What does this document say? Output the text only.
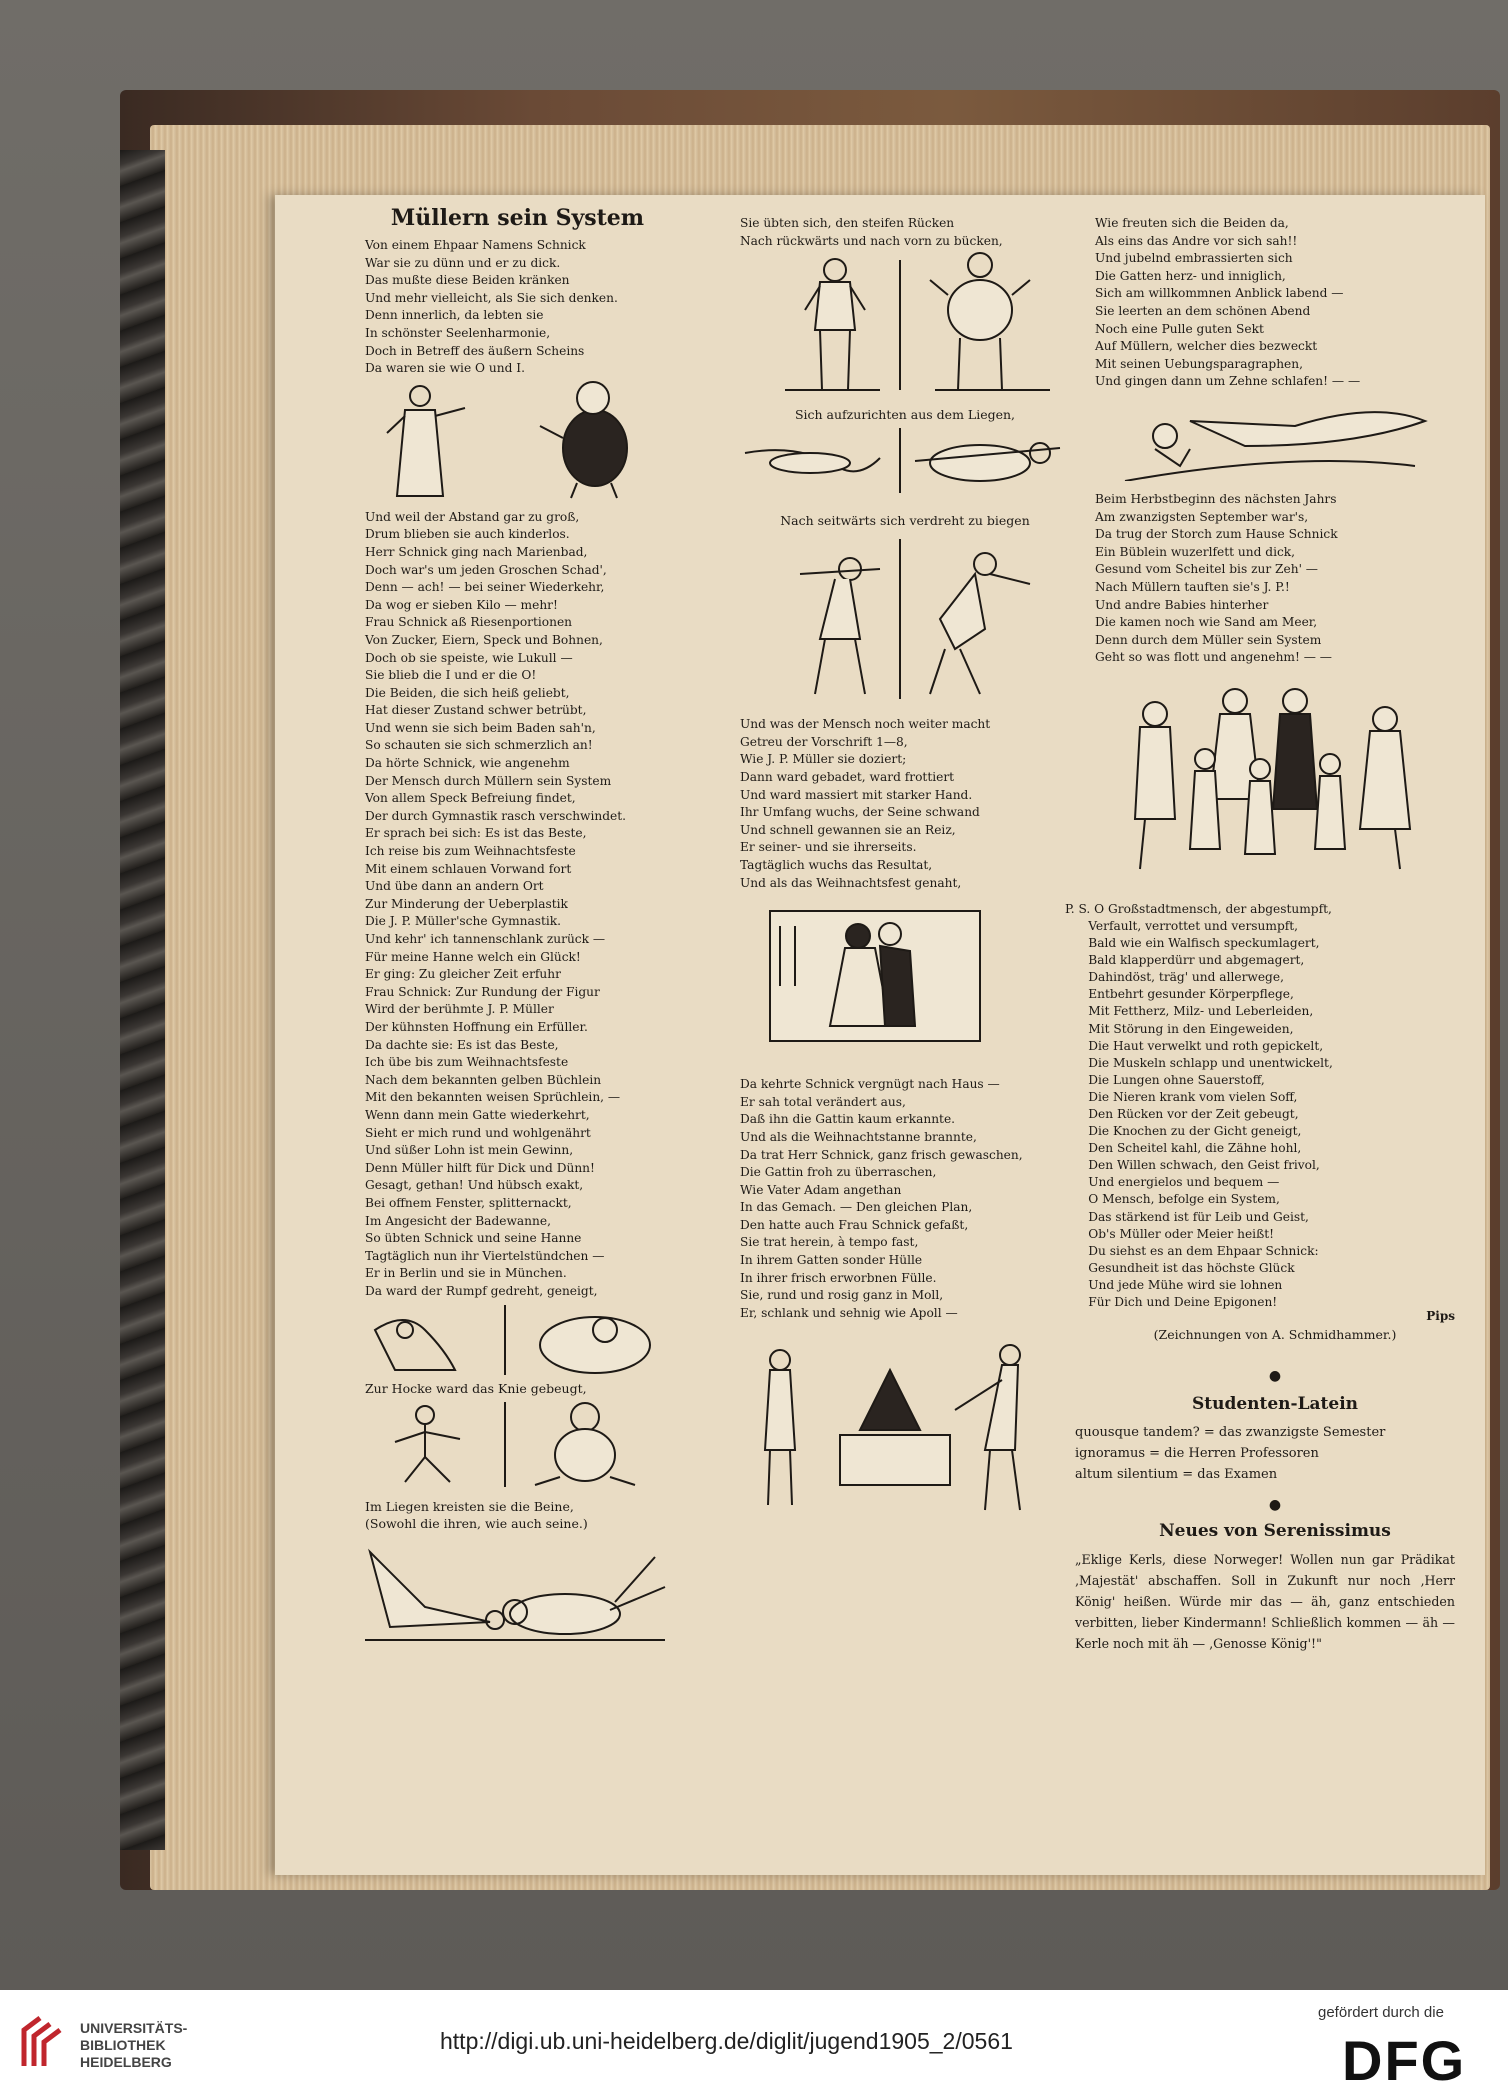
Müllern sein System

Von einem Ehpaar Namens Schnick
War sie zu dünn und er zu dick.
Das mußte diese Beiden kränken
Und mehr vielleicht, als Sie sich denken.
Denn innerlich, da lebten sie
In schönster Seelenharmonie,
Doch in Betreff des äußern Scheins
Da waren sie wie O und I.

Und weil der Abstand gar zu groß,
Drum blieben sie auch kinderlos.
Herr Schnick ging nach Marienbad,
Doch war's um jeden Groschen Schad',
Denn — ach! — bei seiner Wiederkehr,
Da wog er sieben Kilo — mehr!
Frau Schnick aß Riesenportionen
Von Zucker, Eiern, Speck und Bohnen,
Doch ob sie speiste, wie Lukull —
Sie blieb die I und er die O!
Die Beiden, die sich heiß geliebt,
Hat dieser Zustand schwer betrübt,
Und wenn sie sich beim Baden sah'n,
So schauten sie sich schmerzlich an!
Da hörte Schnick, wie angenehm
Der Mensch durch Müllern sein System
Von allem Speck Befreiung findet,
Der durch Gymnastik rasch verschwindet.
Er sprach bei sich: Es ist das Beste,
Ich reise bis zum Weihnachtsfeste
Mit einem schlauen Vorwand fort
Und übe dann an andern Ort
Zur Minderung der Ueberplastik
Die J. P. Müller'sche Gymnastik.
Und kehr' ich tannenschlank zurück —
Für meine Hanne welch ein Glück!
Er ging: Zu gleicher Zeit erfuhr
Frau Schnick: Zur Rundung der Figur
Wird der berühmte J. P. Müller
Der kühnsten Hoffnung ein Erfüller.
Da dachte sie: Es ist das Beste,
Ich übe bis zum Weihnachtsfeste
Nach dem bekannten gelben Büchlein
Mit den bekannten weisen Sprüchlein, —
Wenn dann mein Gatte wiederkehrt,
Sieht er mich rund und wohlgenährt
Und süßer Lohn ist mein Gewinn,
Denn Müller hilft für Dick und Dünn!
Gesagt, gethan! Und hübsch exakt,
Bei offnem Fenster, splitternackt,
Im Angesicht der Badewanne,
So übten Schnick und seine Hanne
Tagtäglich nun ihr Viertelstündchen —
Er in Berlin und sie in München.
Da ward der Rumpf gedreht, geneigt,

Zur Hocke ward das Knie gebeugt,

Im Liegen kreisten sie die Beine,
(Sowohl die ihren, wie auch seine.)

Sie übten sich, den steifen Rücken
Nach rückwärts und nach vorn zu bücken,

Sich aufzurichten aus dem Liegen,

Nach seitwärts sich verdreht zu biegen

Und was der Mensch noch weiter macht
Getreu der Vorschrift 1—8,
Wie J. P. Müller sie doziert;
Dann ward gebadet, ward frottiert
Und ward massiert mit starker Hand.
Ihr Umfang wuchs, der Seine schwand
Und schnell gewannen sie an Reiz,
Er seiner- und sie ihrerseits.
Tagtäglich wuchs das Resultat,
Und als das Weihnachtsfest genaht,

Da kehrte Schnick vergnügt nach Haus —
Er sah total verändert aus,
Daß ihn die Gattin kaum erkannte.
Und als die Weihnachtstanne brannte,
Da trat Herr Schnick, ganz frisch gewaschen,
Die Gattin froh zu überraschen,
Wie Vater Adam angethan
In das Gemach. — Den gleichen Plan,
Den hatte auch Frau Schnick gefaßt,
Sie trat herein, à tempo fast,
In ihrem Gatten sonder Hülle
In ihrer frisch erworbnen Fülle.
Sie, rund und rosig ganz in Moll,
Er, schlank und sehnig wie Apoll —

Wie freuten sich die Beiden da,
Als eins das Andre vor sich sah!!
Und jubelnd embrassierten sich
Die Gatten herz- und inniglich,
Sich am willkommnen Anblick labend —
Sie leerten an dem schönen Abend
Noch eine Pulle guten Sekt
Auf Müllern, welcher dies bezweckt
Mit seinen Uebungsparagraphen,
Und gingen dann um Zehne schlafen! — —

Beim Herbstbeginn des nächsten Jahrs
Am zwanzigsten September war's,
Da trug der Storch zum Hause Schnick
Ein Büblein wuzerlfett und dick,
Gesund vom Scheitel bis zur Zeh' —
Nach Müllern tauften sie's J. P.!
Und andre Babies hinterher
Die kamen noch wie Sand am Meer,
Denn durch dem Müller sein System
Geht so was flott und angenehm! — —

P. S. O Großstadtmensch, der abgestumpft,
Verfault, verrottet und versumpft,
Bald wie ein Walfisch speckumlagert,
Bald klapperdürr und abgemagert,
Dahindöst, träg' und allerwege,
Entbehrt gesunder Körperpflege,
Mit Fettherz, Milz- und Leberleiden,
Mit Störung in den Eingeweiden,
Die Haut verwelkt und roth gepickelt,
Die Muskeln schlapp und unentwickelt,
Die Lungen ohne Sauerstoff,
Die Nieren krank vom vielen Soff,
Den Rücken vor der Zeit gebeugt,
Die Knochen zu der Gicht geneigt,
Den Scheitel kahl, die Zähne hohl,
Den Willen schwach, den Geist frivol,
Und energielos und bequem —
O Mensch, befolge ein System,
Das stärkend ist für Leib und Geist,
Ob's Müller oder Meier heißt!
Du siehst es an dem Ehpaar Schnick:
Gesundheit ist das höchste Glück
Und jede Mühe wird sie lohnen
Für Dich und Deine Epigonen!

Pips
(Zeichnungen von A. Schmidhammer.)
●
Studenten-Latein
quousque tandem? = das zwanzigste Semester
ignoramus = die Herren Professoren
altum silentium = das Examen
●
Neues von Serenissimus

„Eklige Kerls, diese Norweger! Wollen nun gar Prädikat ‚Majestät' abschaffen. Soll in Zukunft nur noch ‚Herr König' heißen. Würde mir das — äh, ganz entschieden verbitten, lieber Kindermann! Schließlich kommen — äh — Kerle noch mit äh — ‚Genosse König'!"

UNIVERSITÄTS-
BIBLIOTHEK
HEIDELBERG
http://digi.ub.uni-heidelberg.de/diglit/jugend1905_2/0561
gefördert durch die
DFG
